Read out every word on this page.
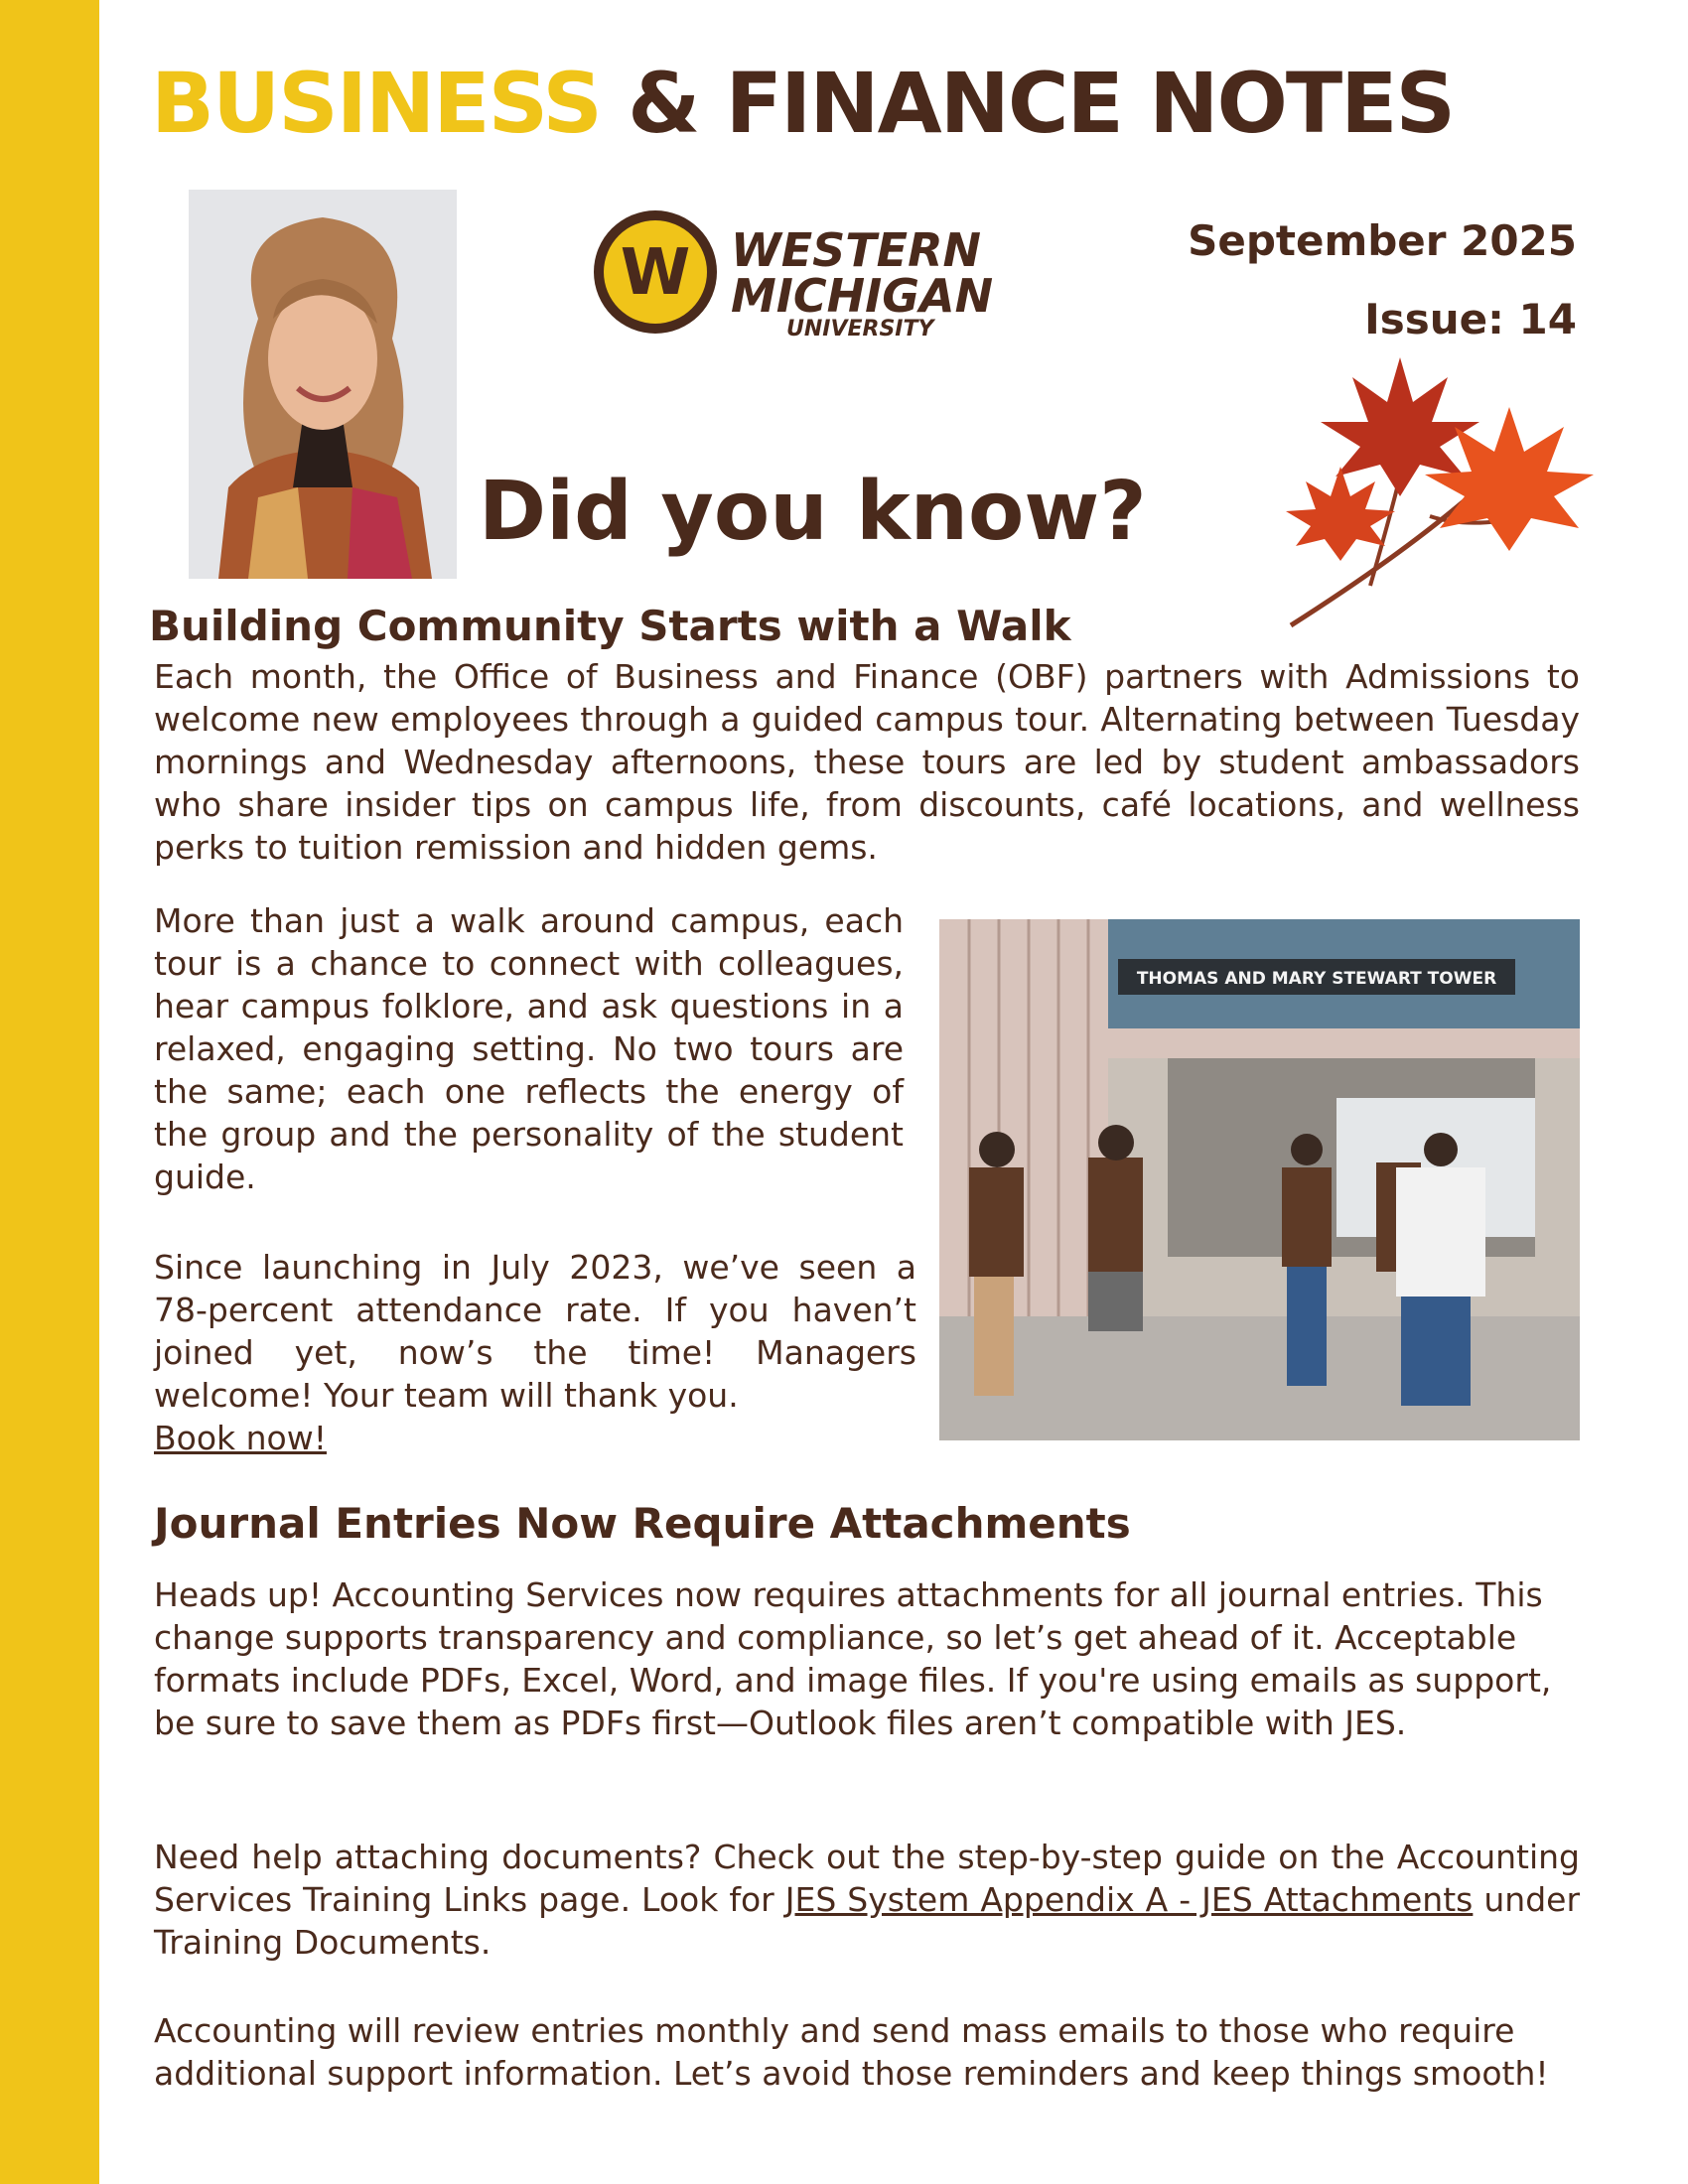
BUSINESS & FINANCE NOTES
W WESTERN
MICHIGAN
UNIVERSITY
September 2025
Issue: 14
Did you know?
Building Community Starts with a Walk
Each month, the Office of Business and Finance (OBF) partners with Admissions to welcome new employees through a guided campus tour. Alternating between Tuesday mornings and Wednesday afternoons, these tours are led by student ambassadors who share insider tips on campus life, from discounts, café locations, and wellness perks to tuition remission and hidden gems.
More than just a walk around campus, each tour is a chance to connect with colleagues, hear campus folklore, and ask questions in a relaxed, engaging setting. No two tours are the same; each one reflects the energy of the group and the personality of the student guide.
Since launching in July 2023, we’ve seen a 78-percent attendance rate. If you haven’t joined yet, now’s the time! Managers welcome! Your team will thank you.
Book now!
THOMAS AND MARY STEWART TOWER
Journal Entries Now Require Attachments
Heads up! Accounting Services now requires attachments for all journal entries. This change supports transparency and compliance, so let’s get ahead of it. Acceptable formats include PDFs, Excel, Word, and image files. If you're using emails as support, be sure to save them as PDFs first—Outlook files aren’t compatible with JES.
Need help attaching documents? Check out the step-by-step guide on the Accounting Services Training Links page. Look for JES System Appendix A - JES Attachments under Training Documents.
Accounting will review entries monthly and send mass emails to those who require additional support information. Let’s avoid those reminders and keep things smooth!
